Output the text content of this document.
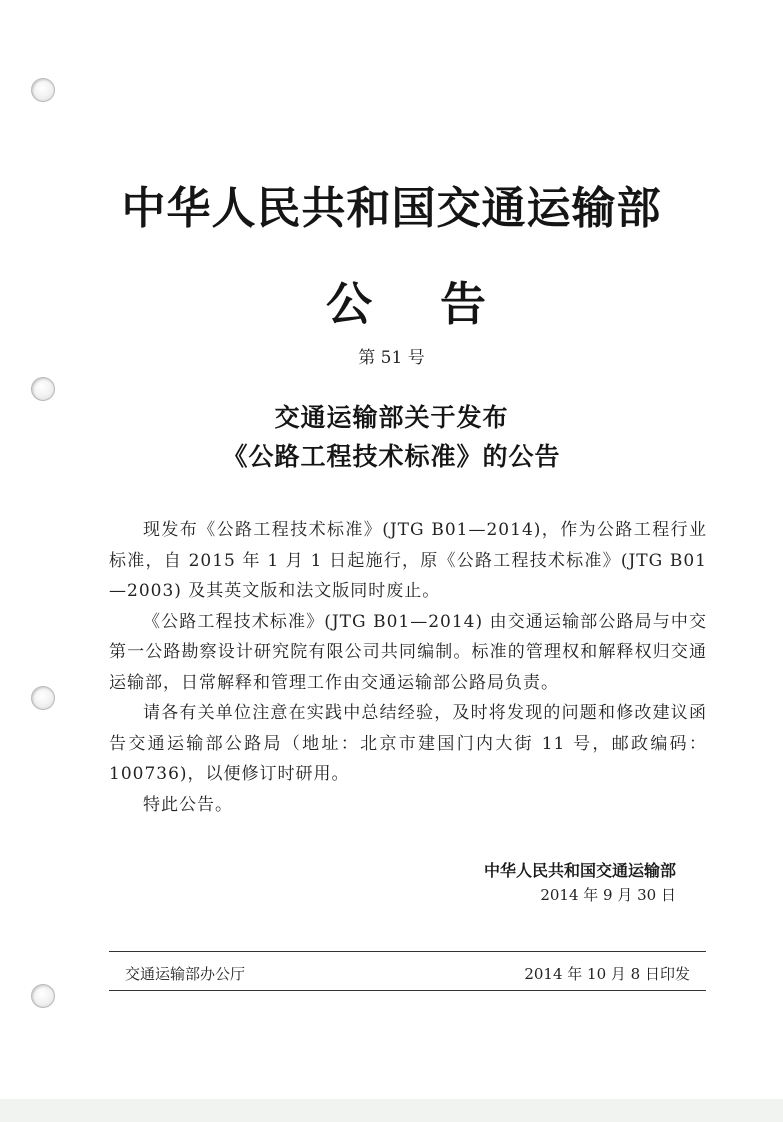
中华人民共和国交通运输部
公 告
第 51 号
交通运输部关于发布
《公路工程技术标准》的公告

现发布《公路工程技术标准》(JTG B01—2014)，作为公路工程行业标准，自 2015 年 1 月 1 日起施行，原《公路工程技术标准》(JTG B01—2003) 及其英文版和法文版同时废止。

《公路工程技术标准》(JTG B01—2014) 由交通运输部公路局与中交第一公路勘察设计研究院有限公司共同编制。标准的管理权和解释权归交通运输部，日常解释和管理工作由交通运输部公路局负责。

请各有关单位注意在实践中总结经验，及时将发现的问题和修改建议函告交通运输部公路局（地址：北京市建国门内大街 11 号，邮政编码：100736)，以便修订时研用。

特此公告。

中华人民共和国交通运输部
2014 年 9 月 30 日
交通运输部办公厅	2014 年 10 月 8 日印发
